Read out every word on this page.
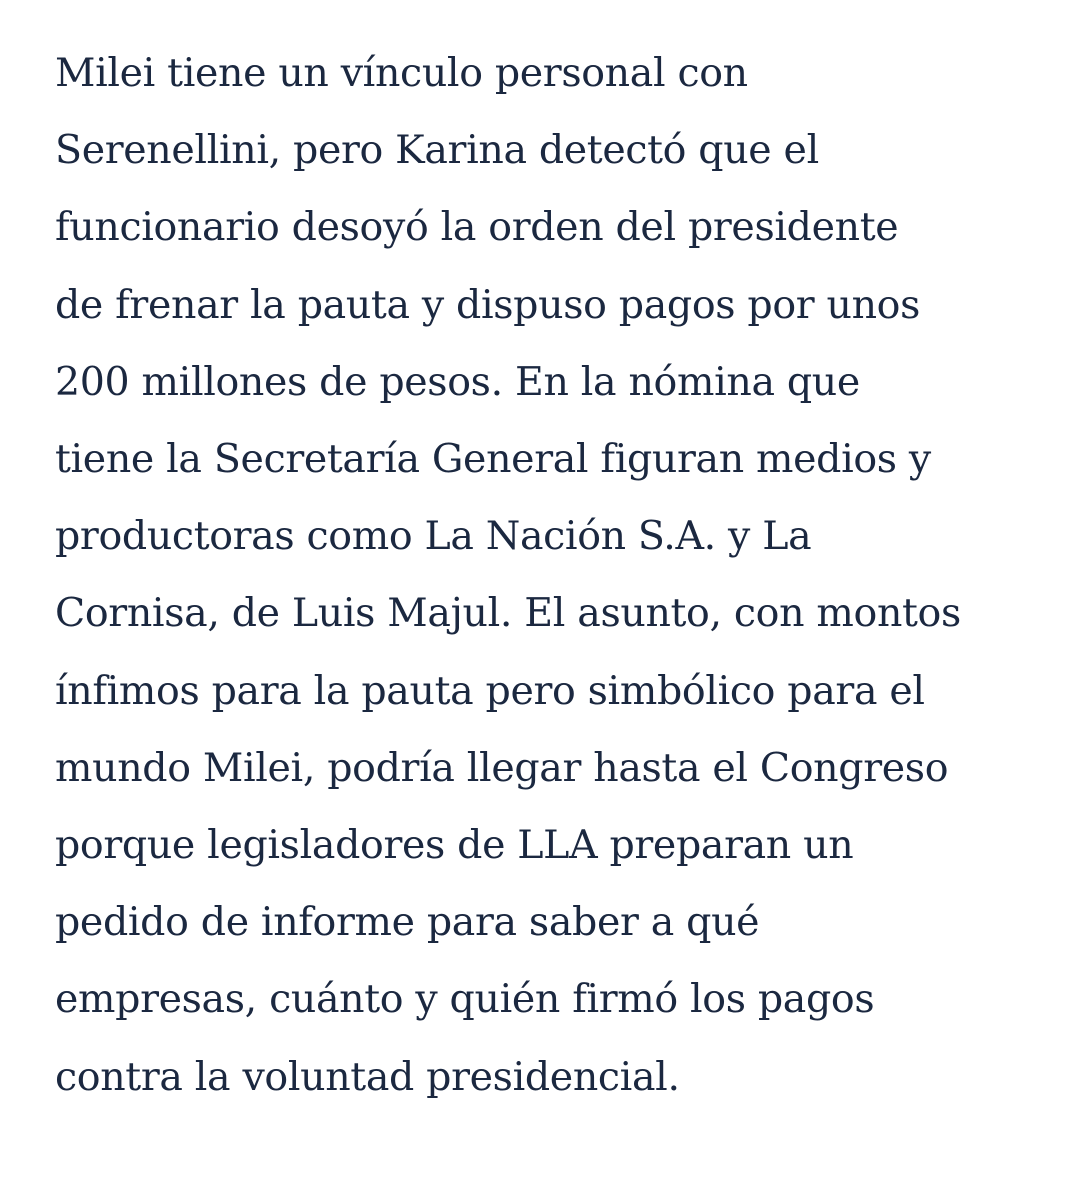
Milei tiene un vínculo personal con
Serenellini, pero Karina detectó que el
funcionario desoyó la orden del presidente
de frenar la pauta y dispuso pagos por unos
200 millones de pesos. En la nómina que
tiene la Secretaría General figuran medios y
productoras como La Nación S.A. y La
Cornisa, de Luis Majul. El asunto, con montos
ínfimos para la pauta pero simbólico para el
mundo Milei, podría llegar hasta el Congreso
porque legisladores de LLA preparan un
pedido de informe para saber a qué
empresas, cuánto y quién firmó los pagos
contra la voluntad presidencial.
